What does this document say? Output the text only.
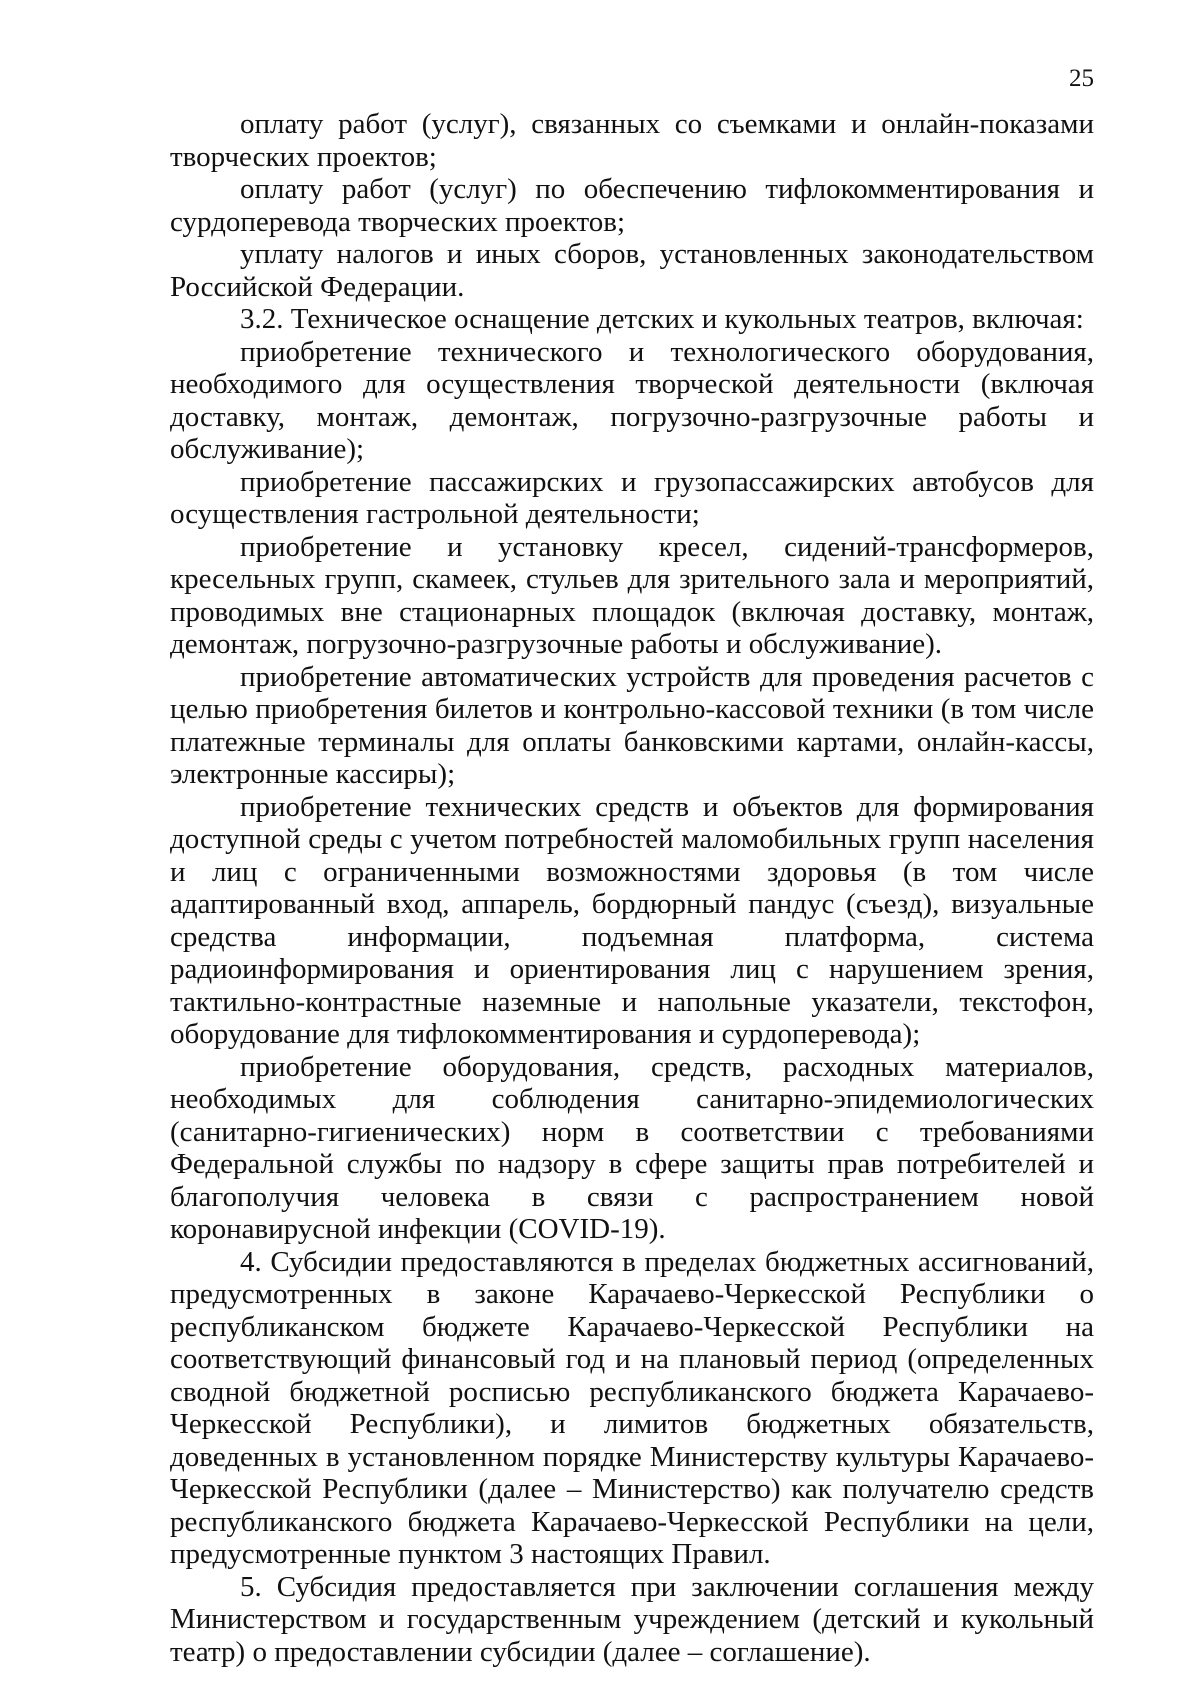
25

оплату работ (услуг), связанных со съемками и онлайн-показами творческих проектов;

оплату работ (услуг) по обеспечению тифлокомментирования и сурдоперевода творческих проектов;

уплату налогов и иных сборов, установленных законодательством Российской Федерации.

3.2. Техническое оснащение детских и кукольных театров, включая:

приобретение технического и технологического оборудования, необходимого для осуществления творческой деятельности (включая доставку, монтаж, демонтаж, погрузочно-разгрузочные работы и обслуживание);

приобретение пассажирских и грузопассажирских автобусов для осуществления гастрольной деятельности;

приобретение и установку кресел, сидений-трансформеров, кресельных групп, скамеек, стульев для зрительного зала и мероприятий, проводимых вне стационарных площадок (включая доставку, монтаж, демонтаж, погрузочно-разгрузочные работы и обслуживание).

приобретение автоматических устройств для проведения расчетов с целью приобретения билетов и контрольно-кассовой техники (в том числе платежные терминалы для оплаты банковскими картами, онлайн-кассы, электронные кассиры);

приобретение технических средств и объектов для формирования доступной среды с учетом потребностей маломобильных групп населения и лиц с ограниченными возможностями здоровья (в том числе адаптированный вход, аппарель, бордюрный пандус (съезд), визуальные средства информации, подъемная платформа, система радиоинформирования и ориентирования лиц с нарушением зрения, тактильно-контрастные наземные и напольные указатели, текстофон, оборудование для тифлокомментирования и сурдоперевода);

приобретение оборудования, средств, расходных материалов, необходимых для соблюдения санитарно-эпидемиологических (санитарно-гигиенических) норм в соответствии с требованиями Федеральной службы по надзору в сфере защиты прав потребителей и благополучия человека в связи с распространением новой коронавирусной инфекции (COVID-19).

4. Субсидии предоставляются в пределах бюджетных ассигнований, предусмотренных в законе Карачаево-Черкесской Республики о республиканском бюджете Карачаево-Черкесской Республики на соответствующий финансовый год и на плановый период (определенных сводной бюджетной росписью республиканского бюджета Карачаево-Черкесской Республики), и лимитов бюджетных обязательств, доведенных в установленном порядке Министерству культуры Карачаево-Черкесской Республики (далее – Министерство) как получателю средств республиканского бюджета Карачаево-Черкесской Республики на цели, предусмотренные пунктом 3 настоящих Правил.

5. Субсидия предоставляется при заключении соглашения между Министерством и государственным учреждением (детский и кукольный театр) о предоставлении субсидии (далее – соглашение).
